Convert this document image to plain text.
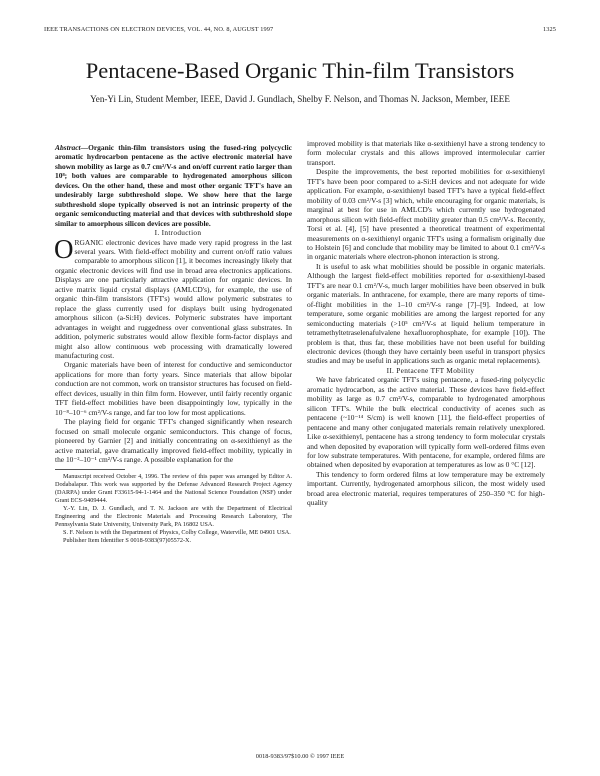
IEEE TRANSACTIONS ON ELECTRON DEVICES, VOL. 44, NO. 8, AUGUST 1997	1325
Pentacene-Based Organic Thin-film Transistors
Yen-Yi Lin, Student Member, IEEE, David J. Gundlach, Shelby F. Nelson, and Thomas N. Jackson, Member, IEEE

Abstract—Organic thin-film transistors using the fused-ring polycyclic aromatic hydrocarbon pentacene as the active electronic material have shown mobility as large as 0.7 cm²/V-s and on/off current ratio larger than 10⁸; both values are comparable to hydrogenated amorphous silicon devices. On the other hand, these and most other organic TFT's have an undesirably large subthreshold slope. We show here that the large subthreshold slope typically observed is not an intrinsic property of the organic semiconducting material and that devices with subthreshold slope similar to amorphous silicon devices are possible.

I. Introduction

ORGANIC electronic devices have made very rapid progress in the last several years. With field-effect mobility and current on/off ratio values comparable to amorphous silicon [1], it becomes increasingly likely that organic electronic devices will find use in broad area electronics applications. Displays are one particularly attractive application for organic devices. In active matrix liquid crystal displays (AMLCD's), for example, the use of organic thin-film transistors (TFT's) would allow polymeric substrates to replace the glass currently used for displays built using hydrogenated amorphous silicon (a-Si:H) devices. Polymeric substrates have important advantages in weight and ruggedness over conventional glass substrates. In addition, polymeric substrates would allow flexible form-factor displays and might also allow continuous web processing with dramatically lowered manufacturing cost.

Organic materials have been of interest for conductive and semiconductor applications for more than forty years. Since materials that allow bipolar conduction are not common, work on transistor structures has focused on field-effect devices, usually in thin film form. However, until fairly recently organic TFT field-effect mobilities have been disappointingly low, typically in the 10⁻⁸–10⁻⁶ cm²/V-s range, and far too low for most applications.

The playing field for organic TFT's changed significantly when research focused on small molecule organic semiconductors. This change of focus, pioneered by Garnier [2] and initially concentrating on α-sexithienyl as the active material, gave dramatically improved field-effect mobility, typically in the 10⁻²–10⁻¹ cm²/V-s range. A possible explanation for the

Manuscript received October 4, 1996. The review of this paper was arranged by Editor A. Dodabalapur. This work was supported by the Defense Advanced Research Project Agency (DARPA) under Grant F33615-94-1-1464 and the National Science Foundation (NSF) under Grant ECS-9409444.

Y.-Y. Lin, D. J. Gundlach, and T. N. Jackson are with the Department of Electrical Engineering and the Electronic Materials and Processing Research Laboratory, The Pennsylvania State University, University Park, PA 16802 USA.

S. F. Nelson is with the Department of Physics, Colby College, Waterville, ME 04901 USA.

Publisher Item Identifier S 0018-9383(97)05572-X.

improved mobility is that materials like α-sexithienyl have a strong tendency to form molecular crystals and this allows improved intermolecular carrier transport.

Despite the improvements, the best reported mobilities for α-sexithienyl TFT's have been poor compared to a-Si:H devices and not adequate for wide application. For example, α-sexithienyl based TFT's have a typical field-effect mobility of 0.03 cm²/V-s [3] which, while encouraging for organic materials, is marginal at best for use in AMLCD's which currently use hydrogenated amorphous silicon with field-effect mobility greater than 0.5 cm²/V-s. Recently, Torsi et al. [4], [5] have presented a theoretical treatment of experimental measurements on α-sexithienyl organic TFT's using a formalism originally due to Holstein [6] and conclude that mobility may be limited to about 0.1 cm²/V-s in organic materials where electron-phonon interaction is strong.

It is useful to ask what mobilities should be possible in organic materials. Although the largest field-effect mobilities reported for α-sexithienyl-based TFT's are near 0.1 cm²/V-s, much larger mobilities have been observed in bulk organic materials. In anthracene, for example, there are many reports of time-of-flight mobilities in the 1–10 cm²/V-s range [7]–[9]. Indeed, at low temperature, some organic mobilities are among the largest reported for any semiconducting materials (>10⁵ cm²/V-s at liquid helium temperature in tetramethyltetraselenafulvalene hexafluorophosphate, for example [10]). The problem is that, thus far, these mobilities have not been useful for building electronic devices (though they have certainly been useful in transport physics studies and may be useful in applications such as organic metal replacements).

II. Pentacene TFT Mobility

We have fabricated organic TFT's using pentacene, a fused-ring polycyclic aromatic hydrocarbon, as the active material. These devices have field-effect mobility as large as 0.7 cm²/V-s, comparable to hydrogenated amorphous silicon TFT's. While the bulk electrical conductivity of acenes such as pentacene (~10⁻¹⁴ S/cm) is well known [11], the field-effect properties of pentacene and many other conjugated materials remain relatively unexplored. Like α-sexithienyl, pentacene has a strong tendency to form molecular crystals and when deposited by evaporation will typically form well-ordered films even for low substrate temperatures. With pentacene, for example, ordered films are obtained when deposited by evaporation at temperatures as low as 0 °C [12].

This tendency to form ordered films at low temperature may be extremely important. Currently, hydrogenated amorphous silicon, the most widely used broad area electronic material, requires temperatures of 250–350 °C for high-quality

0018-9383/97$10.00 © 1997 IEEE
